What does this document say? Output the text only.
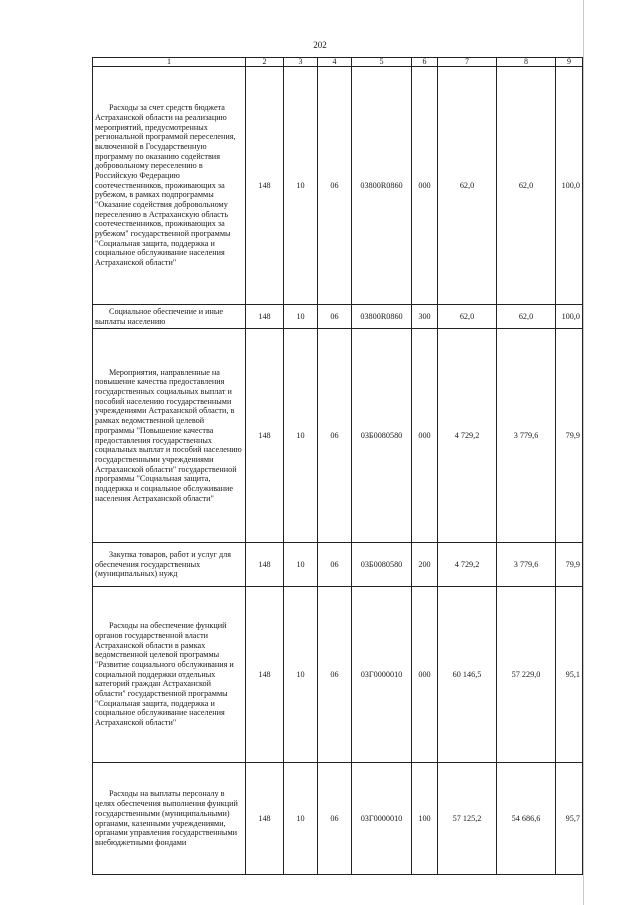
202
1	2	3	4	5	6	7	8	9
Расходы за счет средств бюджета Астраханской области на реализацию мероприятий, предусмотренных региональной программой переселения, включенной в Государственную программу по оказанию содействия добровольному переселению в Российскую Федерацию соотечественников, проживающих за рубежом, в рамках подпрограммы "Оказание содействия добровольному переселению в Астраханскую область соотечественников, проживающих за рубежом" государственной программы "Социальная защита, поддержка и социальное обслуживание населения Астраханской области"	148	10	06	03800R0860	000	62,0	62,0	100,0
Социальное обеспечение и иные выплаты населению	148	10	06	03800R0860	300	62,0	62,0	100,0
Мероприятия, направленные на повышение качества предоставления государственных социальных выплат и пособий населению государственными учреждениями Астраханской области, в рамках ведомственной целевой программы "Повышение качества предоставления государственных социальных выплат и пособий населению государственными учреждениями Астраханской области" государственной программы "Социальная защита, поддержка и социальное обслуживание населения Астраханской области"	148	10	06	03Б0080580	000	4 729,2	3 779,6	79,9
Закупка товаров, работ и услуг для обеспечения государственных (муниципальных) нужд	148	10	06	03Б0080580	200	4 729,2	3 779,6	79,9
Расходы на обеспечение функций органов государственной власти Астраханской области в рамках ведомственной целевой программы "Развитие социального обслуживания и социальной поддержки отдельных категорий граждан Астраханской области" государственной программы "Социальная защита, поддержка и социальное обслуживание населения Астраханской области"	148	10	06	03Г0000010	000	60 146,5	57 229,0	95,1
Расходы на выплаты персоналу в целях обеспечения выполнения функций государственными (муниципальными) органами, казенными учреждениями, органами управления государственными внебюджетными фондами	148	10	06	03Г0000010	100	57 125,2	54 686,6	95,7
